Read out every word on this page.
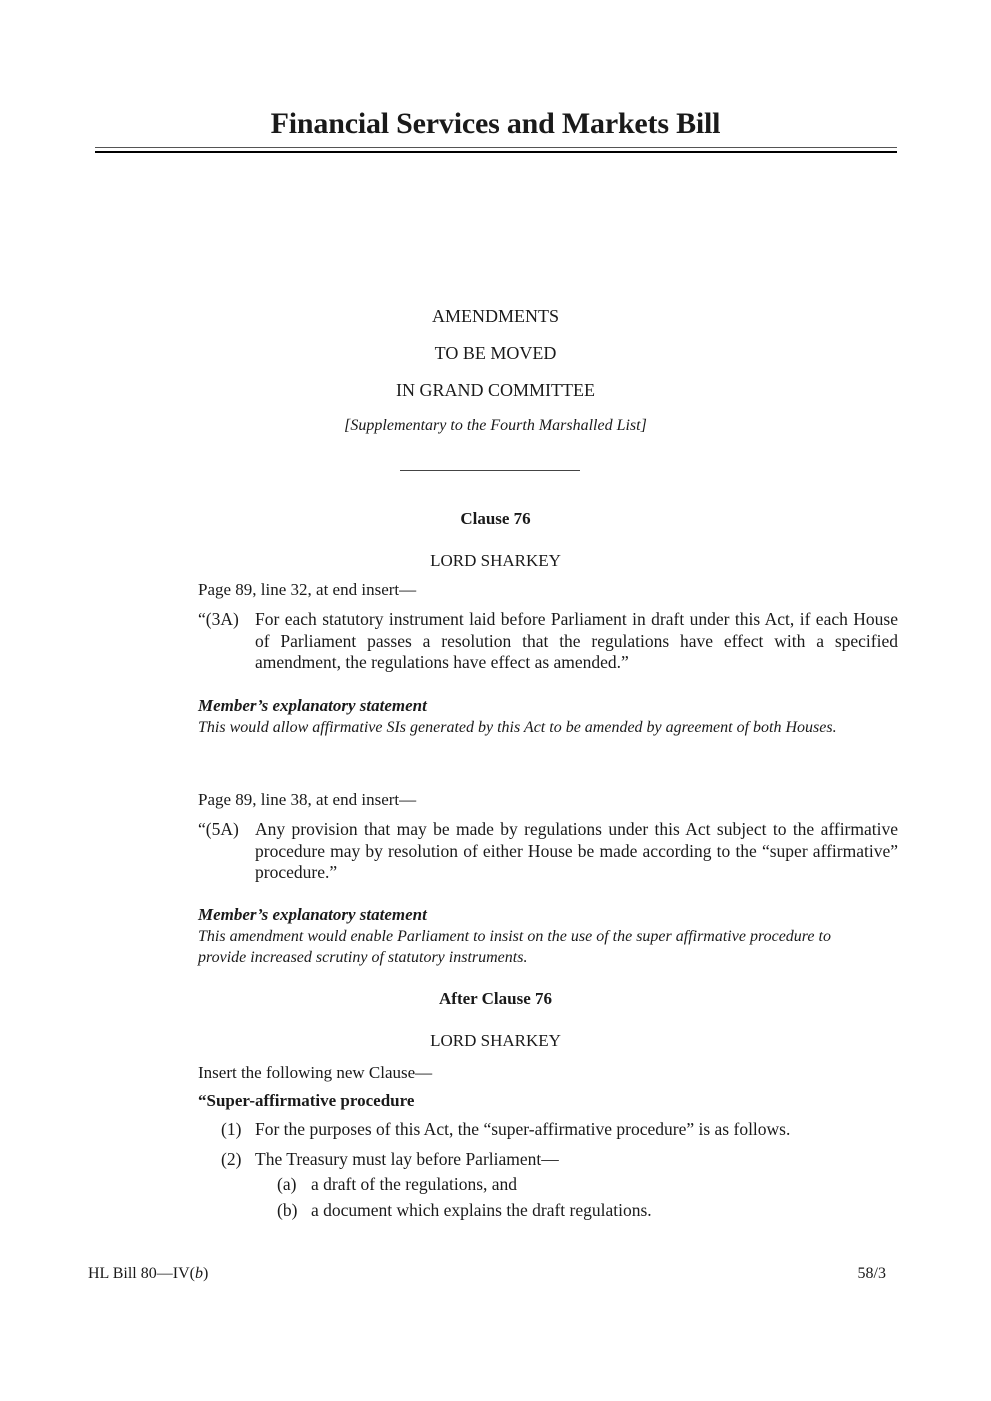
Financial Services and Markets Bill
AMENDMENTS
TO BE MOVED
IN GRAND COMMITTEE
[Supplementary to the Fourth Marshalled List]
Clause 76
LORD SHARKEY
Page 89, line 32, at end insert—
“(3A) For each statutory instrument laid before Parliament in draft under this Act, if each House of Parliament passes a resolution that the regulations have effect with a specified amendment, the regulations have effect as amended.”
Member’s explanatory statement
This would allow affirmative SIs generated by this Act to be amended by agreement of both Houses.
Page 89, line 38, at end insert—
“(5A) Any provision that may be made by regulations under this Act subject to the affirmative procedure may by resolution of either House be made according to the “super affirmative” procedure.”
Member’s explanatory statement
This amendment would enable Parliament to insist on the use of the super affirmative procedure to provide increased scrutiny of statutory instruments.
After Clause 76
LORD SHARKEY
Insert the following new Clause—
“Super-affirmative procedure
(1) For the purposes of this Act, the “super-affirmative procedure” is as follows.
(2) The Treasury must lay before Parliament—
(a) a draft of the regulations, and
(b) a document which explains the draft regulations.
HL Bill 80—IV(b)	58/3
